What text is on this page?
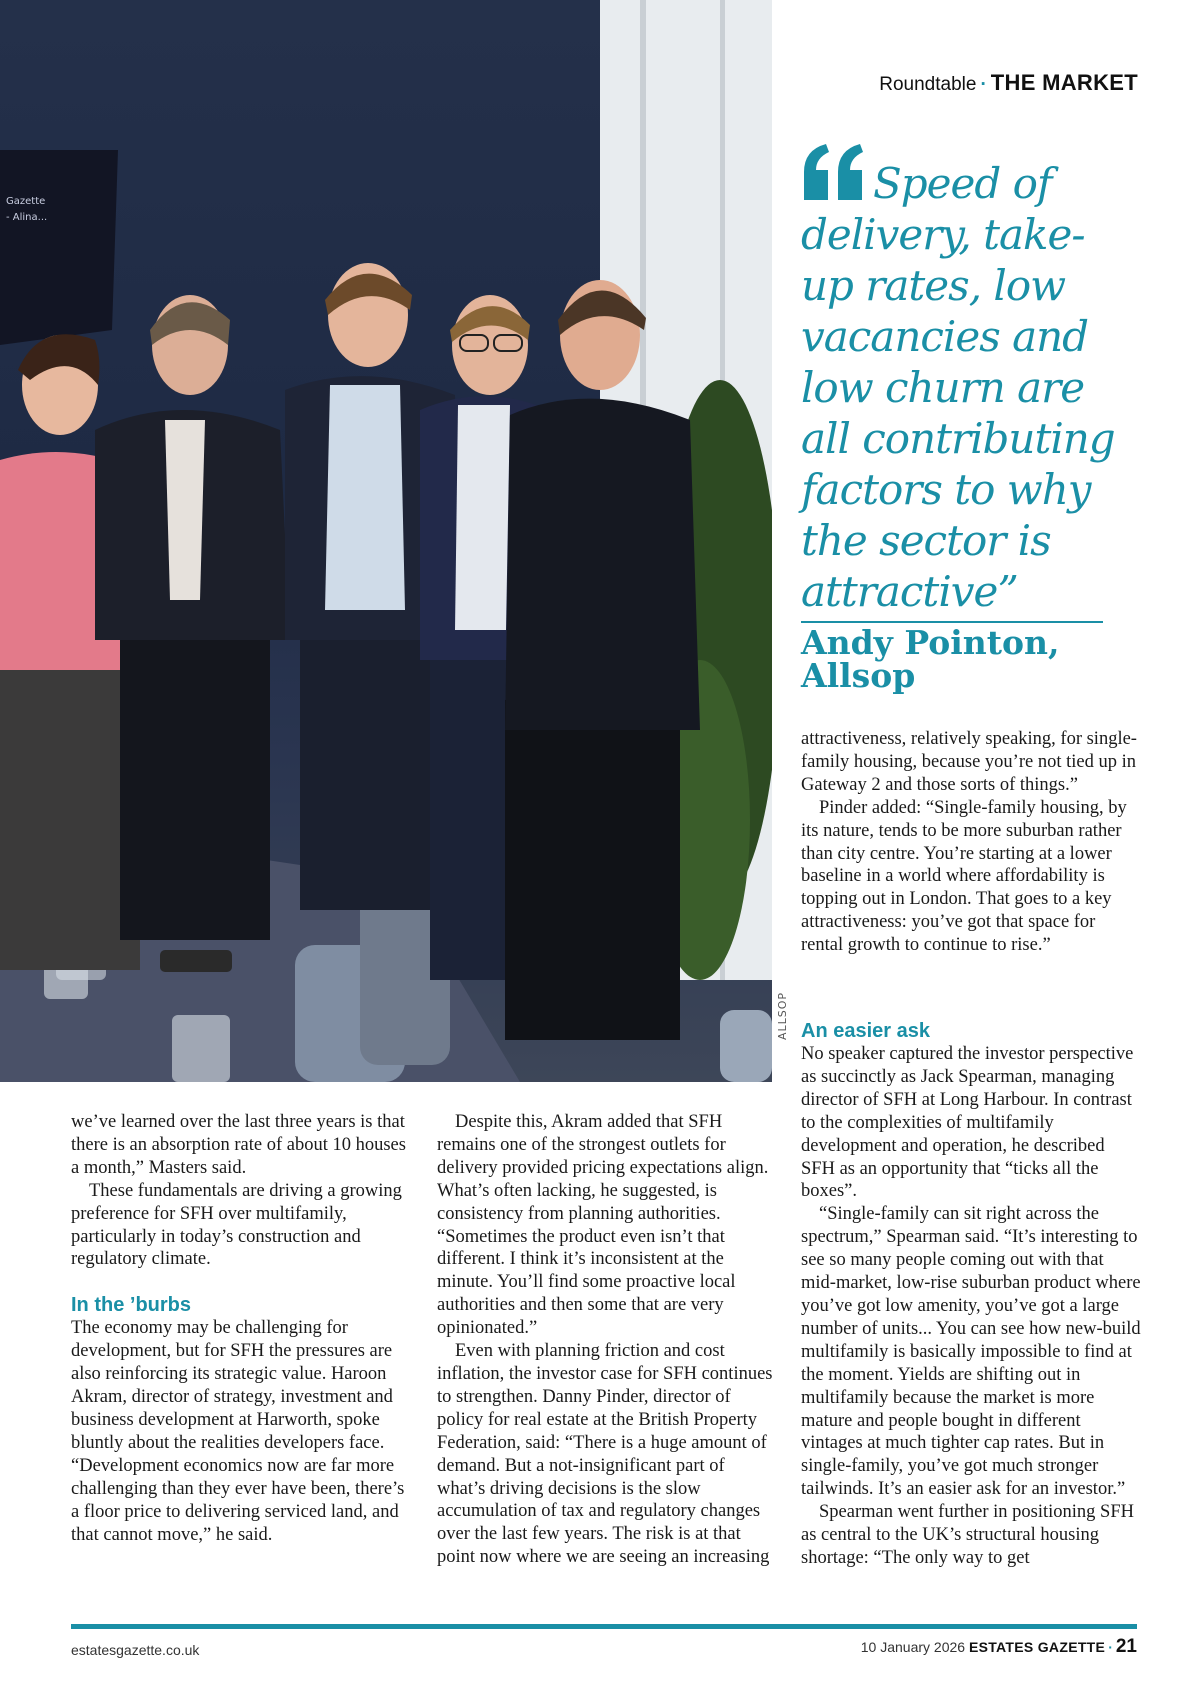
Roundtable · THE MARKET
Gazette
- Alina...
ALLSOP
Speed of delivery, take-up rates, low vacancies and low churn are all contributing factors to why the sector is attractive”
Andy Pointon,
Allsop

we’ve learned over the last three years is that there is an absorption rate of about 10 houses a month,” Masters said.

These fundamentals are driving a growing preference for SFH over multifamily, particularly in today’s construction and regulatory climate.

In the ’burbs

The economy may be challenging for development, but for SFH the pressures are also reinforcing its strategic value. Haroon Akram, director of strategy, investment and business development at Harworth, spoke bluntly about the realities developers face. “Development economics now are far more challenging than they ever have been, there’s a floor price to delivering serviced land, and that cannot move,” he said.

Despite this, Akram added that SFH remains one of the strongest outlets for delivery provided pricing expectations align. What’s often lacking, he suggested, is consistency from planning authorities. “Sometimes the product even isn’t that different. I think it’s inconsistent at the minute. You’ll find some proactive local authorities and then some that are very opinionated.”

Even with planning friction and cost inflation, the investor case for SFH continues to strengthen. Danny Pinder, director of policy for real estate at the British Property Federation, said: “There is a huge amount of demand. But a not-insignificant part of what’s driving decisions is the slow accumulation of tax and regulatory changes over the last few years. The risk is at that point now where we are seeing an increasing

attractiveness, relatively speaking, for single-family housing, because you’re not tied up in Gateway 2 and those sorts of things.”

Pinder added: “Single-family housing, by its nature, tends to be more suburban rather than city centre. You’re starting at a lower baseline in a world where affordability is topping out in London. That goes to a key attractiveness: you’ve got that space for rental growth to continue to rise.”

An easier ask

No speaker captured the investor perspective as succinctly as Jack Spearman, managing director of SFH at Long Harbour. In contrast to the complexities of multifamily development and operation, he described SFH as an opportunity that “ticks all the boxes”.

“Single-family can sit right across the spectrum,” Spearman said. “It’s interesting to see so many people coming out with that mid-market, low-rise suburban product where you’ve got low amenity, you’ve got a large number of units... You can see how new-build multifamily is basically impossible to find at the moment. Yields are shifting out in multifamily because the market is more mature and people bought in different vintages at much tighter cap rates. But in single-family, you’ve got much stronger tailwinds. It’s an easier ask for an investor.”

Spearman went further in positioning SFH as central to the UK’s structural housing shortage: “The only way to get

estatesgazette.co.uk	10 January 2026 ESTATES GAZETTE · 21
